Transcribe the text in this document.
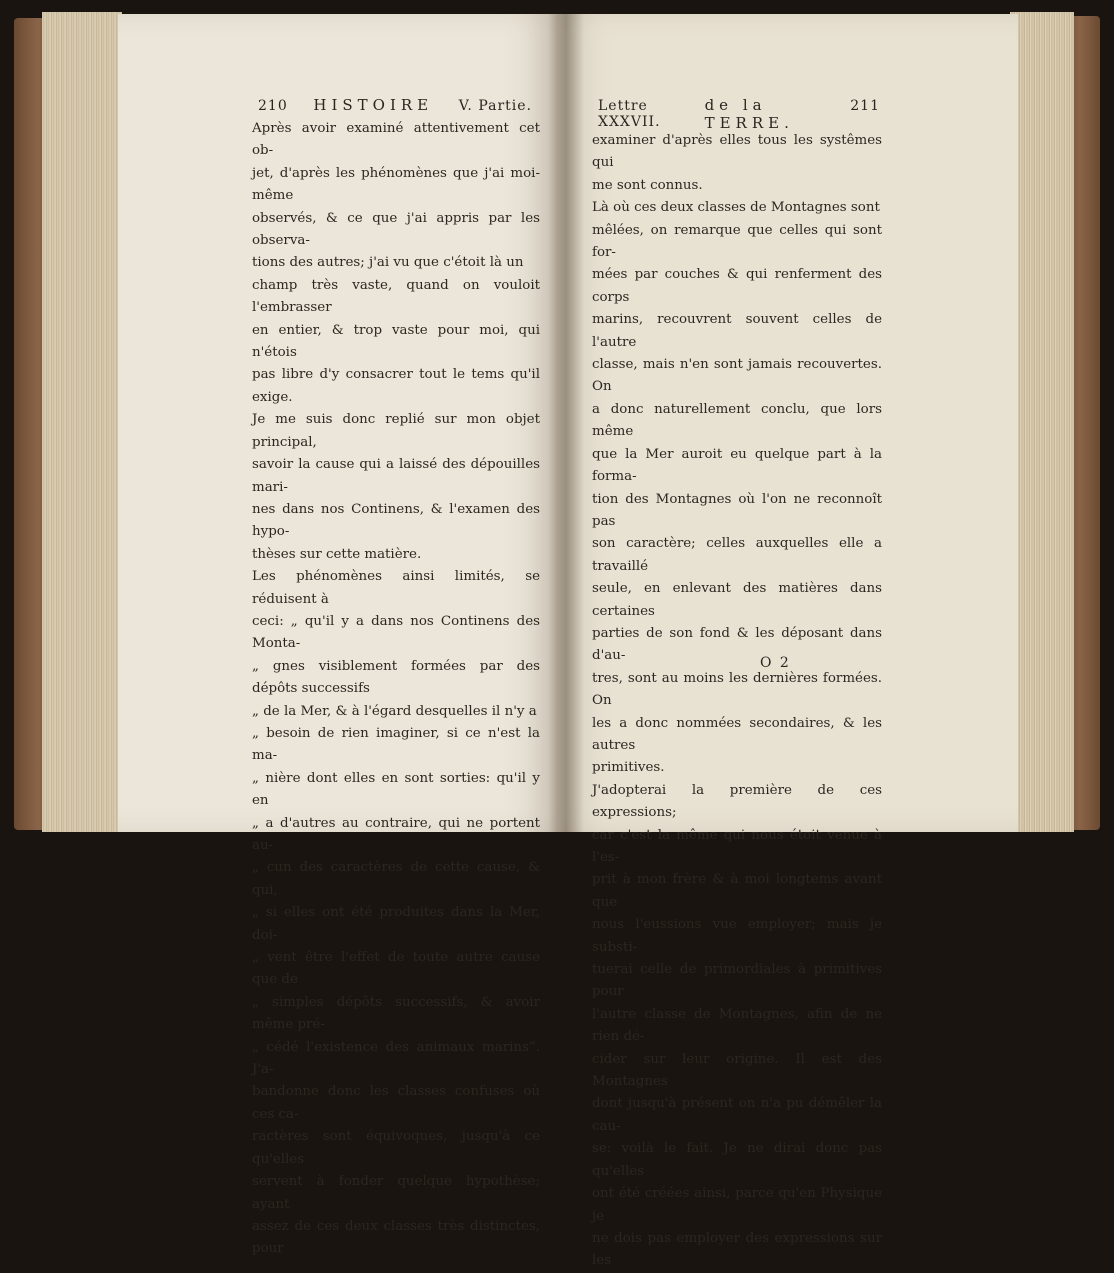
210 HISTOIRE V. Partie.	Lettre XXXVII.
de la TERRE.
211

Après avoir examiné attentivement cet ob-

jet, d'après les phénomènes que j'ai moi-même

observés, & ce que j'ai appris par les observa-

tions des autres; j'ai vu que c'étoit là un

champ très vaste, quand on vouloit l'embrasser

en entier, & trop vaste pour moi, qui n'étois

pas libre d'y consacrer tout le tems qu'il exige.

Je me suis donc replié sur mon objet principal,

savoir la cause qui a laissé des dépouilles mari-

nes dans nos Continens, & l'examen des hypo-

thèses sur cette matière.

Les phénomènes ainsi limités, se réduisent à

ceci: „ qu'il y a dans nos Continens des Monta-

„ gnes visiblement formées par des dépôts successifs

„ de la Mer, & à l'égard desquelles il n'y a

„ besoin de rien imaginer, si ce n'est la ma-

„ nière dont elles en sont sorties: qu'il y en

„ a d'autres au contraire, qui ne portent au-

„ cun des caractères de cette cause, & qui,

„ si elles ont été produites dans la Mer, doi-

„ vent être l'effet de toute autre cause que de

„ simples dépôts successifs, & avoir même pré-

„ cédé l'existence des animaux marins”. J'a-

bandonne donc les classes confuses où ces ca-

ractères sont équivoques, jusqu'à ce qu'elles

servent à fonder quelque hypothèse; ayant

assez de ces deux classes très distinctes, pour

examiner d'après elles tous les systêmes qui

me sont connus.

Là où ces deux classes de Montagnes sont

mêlées, on remarque que celles qui sont for-

mées par couches & qui renferment des corps

marins, recouvrent souvent celles de l'autre

classe, mais n'en sont jamais recouvertes. On

a donc naturellement conclu, que lors même

que la Mer auroit eu quelque part à la forma-

tion des Montagnes où l'on ne reconnoît pas

son caractère; celles auxquelles elle a travaillé

seule, en enlevant des matières dans certaines

parties de son fond & les déposant dans d'au-

tres, sont au moins les dernières formées. On

les a donc nommées secondaires, & les autres

primitives.

J'adopterai la première de ces expressions;

car c'est la même qui nous étoit venue à l'es-

prit à mon frère & à moi longtems avant que

nous l'eussions vue employer; mais je substi-

tuerai celle de primordiales à primitives pour

l'autre classe de Montagnes, afin de ne rien dé-

cider sur leur origine. Il est des Montagnes

dont jusqu'à présent on n'a pu démêler la cau-

se: voilà le fait. Je ne dirai donc pas qu'elles

ont été créées ainsi, parce qu'en Physique je

ne dois pas employer des expressions sur les

O 2
